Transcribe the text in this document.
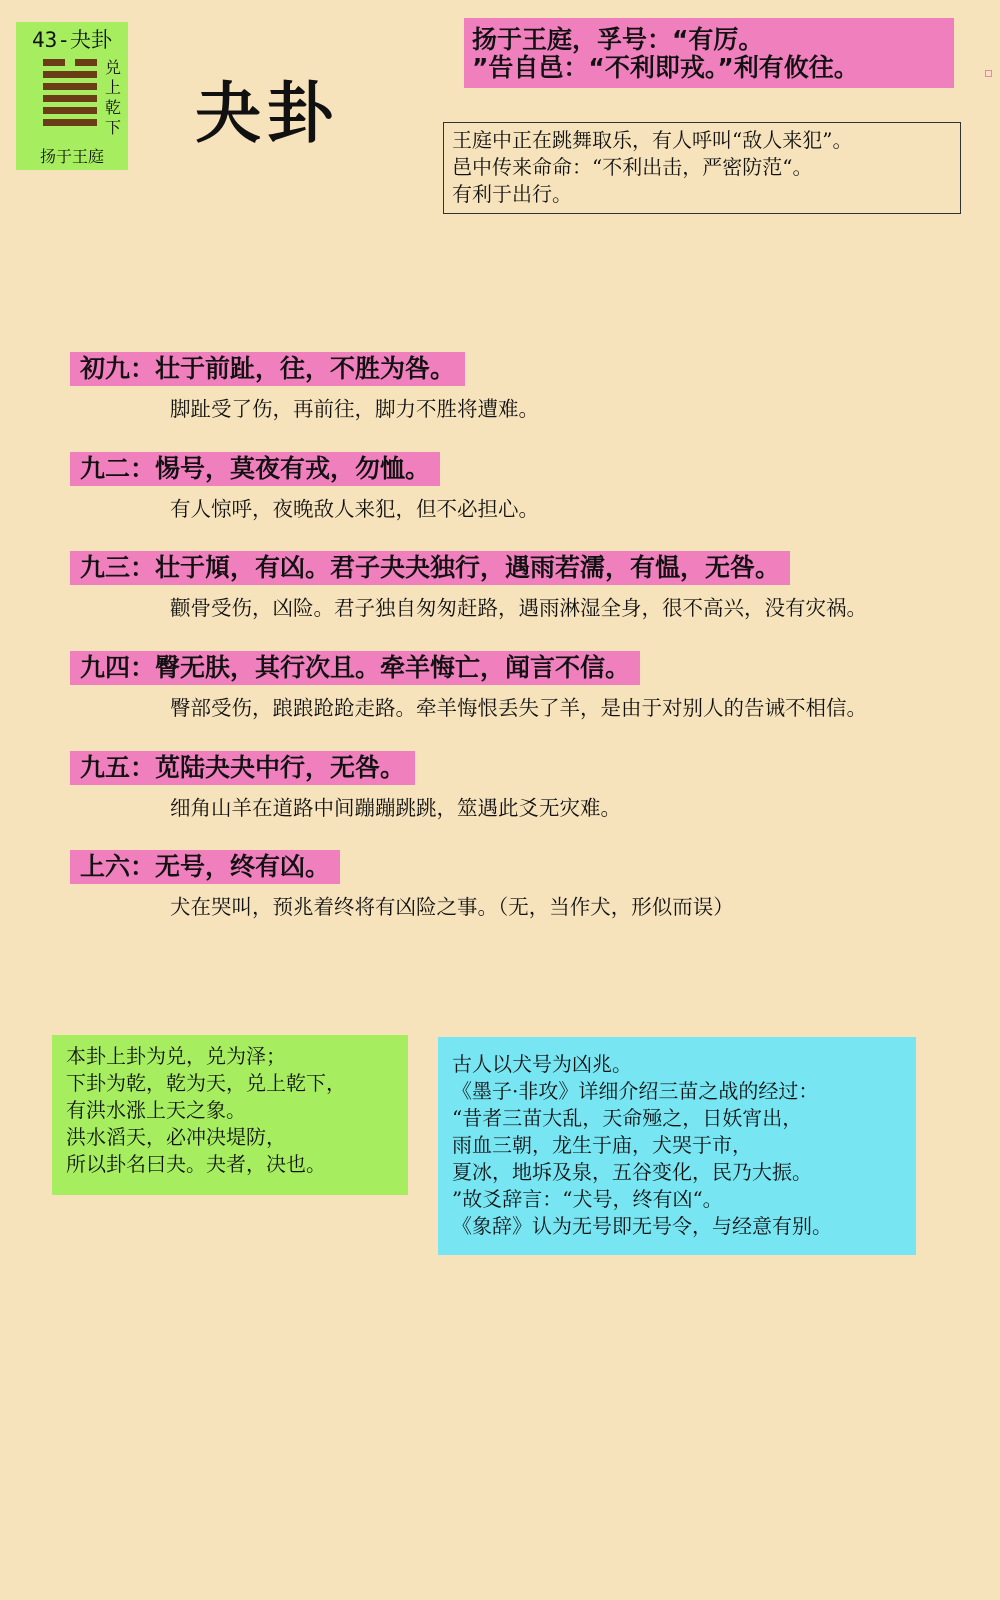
43-夬卦
兑
上
乾
下
扬于王庭
夬卦
扬于王庭，孚号：“有厉。
”告自邑：“不利即戎。”利有攸往。
王庭中正在跳舞取乐，有人呼叫“敌人来犯”。
邑中传来命命：“不利出击，严密防范“。
有利于出行。
初九：壮于前趾，往，不胜为咎。
脚趾受了伤，再前往，脚力不胜将遭难。
九二：惕号，莫夜有戎，勿恤。
有人惊呼，夜晚敌人来犯，但不必担心。
九三：壮于頄，有凶。君子夬夬独行，遇雨若濡，有愠，无咎。
颧骨受伤，凶险。君子独自匆匆赶路，遇雨淋湿全身，很不高兴，没有灾祸。
九四：臀无肤，其行次且。牵羊悔亡，闻言不信。
臀部受伤，踉踉跄跄走路。牵羊悔恨丢失了羊，是由于对别人的告诫不相信。
九五：苋陆夬夬中行，无咎。
细角山羊在道路中间蹦蹦跳跳，筮遇此爻无灾难。
上六：无号，终有凶。
犬在哭叫，预兆着终将有凶险之事。（无，当作犬，形似而误）
本卦上卦为兑，兑为泽；
下卦为乾，乾为天，兑上乾下，
有洪水涨上天之象。
洪水滔天，必冲决堤防，
所以卦名曰夬。夬者，决也。
古人以犬号为凶兆。
《墨子·非攻》详细介绍三苗之战的经过：
“昔者三苗大乱，天命殛之，日妖宵出，
雨血三朝，龙生于庙，犬哭于市，
夏冰，地坼及泉，五谷变化，民乃大振。
”故爻辞言：“犬号，终有凶“。
《象辞》认为无号即无号令，与经意有别。
